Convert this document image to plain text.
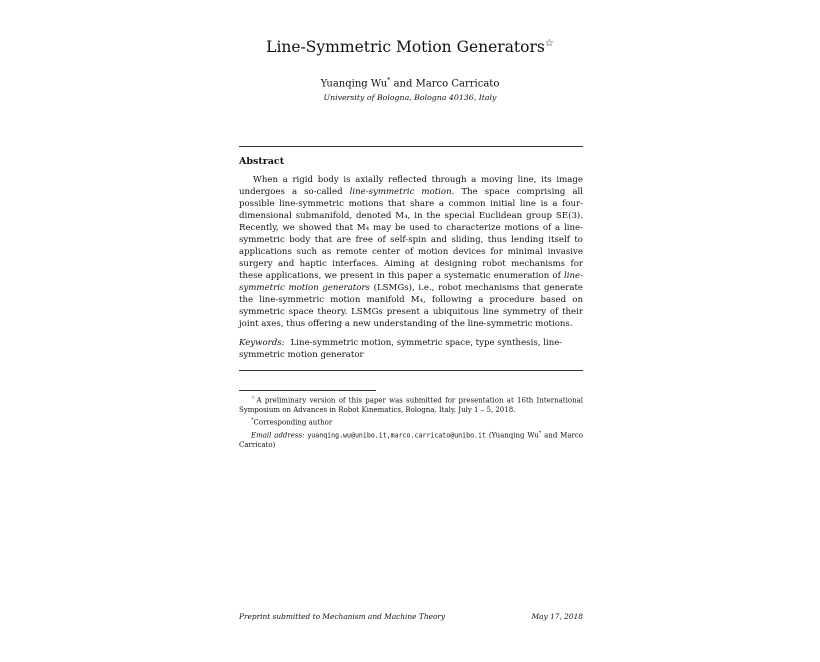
Line-Symmetric Motion Generators☆
Yuanqing Wu* and Marco Carricato
University of Bologna, Bologna 40136, Italy
Abstract
When a rigid body is axially reflected through a moving line, its image undergoes a so-called line-symmetric motion. The space comprising all possible line-symmetric motions that share a common initial line is a four-dimensional submanifold, denoted M₄, in the special Euclidean group SE(3). Recently, we showed that M₄ may be used to characterize motions of a line-symmetric body that are free of self-spin and sliding, thus lending itself to applications such as remote center of motion devices for minimal invasive surgery and haptic interfaces. Aiming at designing robot mechanisms for these applications, we present in this paper a systematic enumeration of line-symmetric motion generators (LSMGs), i.e., robot mechanisms that generate the line-symmetric motion manifold M₄, following a procedure based on symmetric space theory. LSMGs present a ubiquitous line symmetry of their joint axes, thus offering a new understanding of the line-symmetric motions.
Keywords: Line-symmetric motion, symmetric space, type synthesis, line-symmetric motion generator
☆A preliminary version of this paper was submitted for presentation at 16th International Symposium on Advances in Robot Kinematics, Bologna, Italy, July 1 – 5, 2018.
*Corresponding author
Email address: yuanqing.wu@unibo.it,marco.carricato@unibo.it (Yuanqing Wu* and Marco Carricato)
Preprint submitted to Mechanism and Machine Theory	May 17, 2018
